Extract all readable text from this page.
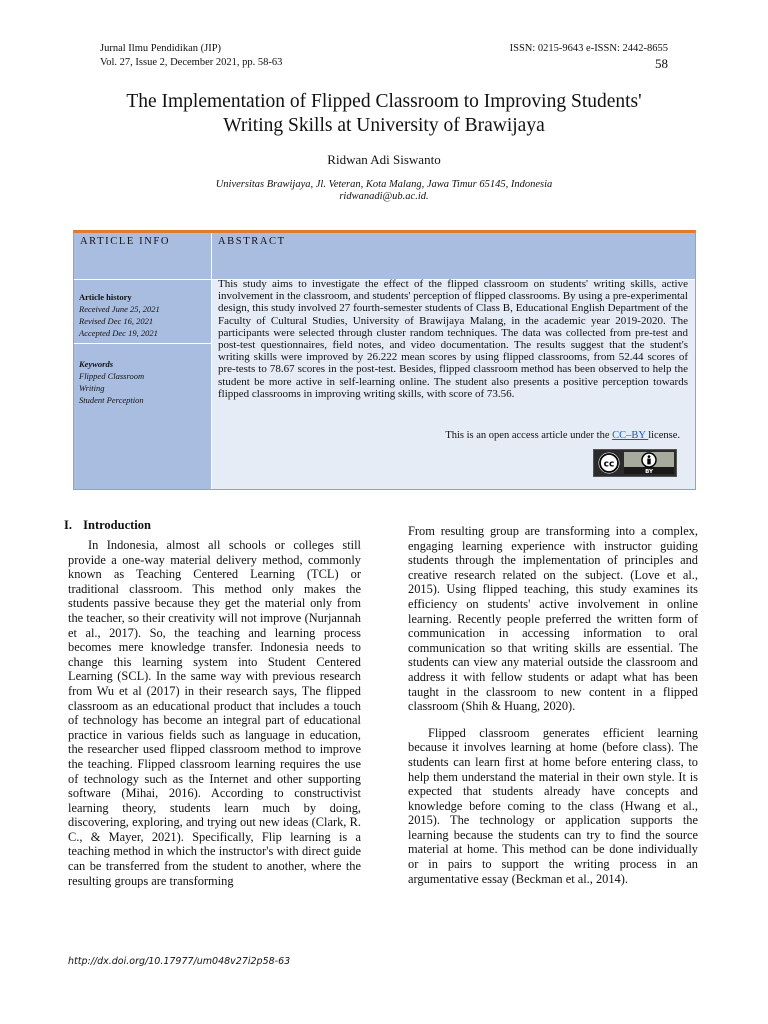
Jurnal Ilmu Pendidikan (JIP)
Vol. 27, Issue 2, December 2021, pp. 58-63
ISSN: 0215-9643 e-ISSN: 2442-8655
58
The Implementation of Flipped Classroom to Improving Students'
Writing Skills at University of Brawijaya
Ridwan Adi Siswanto
Universitas Brawijaya, Jl. Veteran, Kota Malang, Jawa Timur 65145, Indonesia
ridwanadi@ub.ac.id.
ARTICLE INFO	ABSTRACT
Article history
Received June 25, 2021
Revised Dec 16, 2021
Accepted Dec 19, 2021
Keywords
Flipped Classroom
Writing
Student Perception
This study aims to investigate the effect of the flipped classroom on students' writing skills, active involvement in the classroom, and students' perception of flipped classrooms. By using a pre-experimental design, this study involved 27 fourth-semester students of Class B, Educational English Department of the Faculty of Cultural Studies, University of Brawijaya Malang, in the academic year 2019-2020. The participants were selected through cluster random techniques. The data was collected from pre-test and post-test questionnaires, field notes, and video documentation. The results suggest that the student's writing skills were improved by 26.222 mean scores by using flipped classrooms, from 52.44 scores of pre-tests to 78.67 scores in the post-test. Besides, flipped classroom method has been observed to help the student be more active in self-learning online. The student also presents a positive perception towards flipped classrooms in improving writing skills, with score of 73.56.
This is an open access article under the CC–BY license.
cc
BY
I. Introduction

In Indonesia, almost all schools or colleges still provide a one-way material delivery method, commonly known as Teaching Centered Learning (TCL) or traditional classroom. This method only makes the students passive because they get the material only from the teacher, so their creativity will not improve (Nurjannah et al., 2017). So, the teaching and learning process becomes mere knowledge transfer. Indonesia needs to change this learning system into Student Centered Learning (SCL). In the same way with previous research from Wu et al (2017) in their research says, The flipped classroom as an educational product that includes a touch of technology has become an integral part of educational practice in various fields such as language in education, the researcher used flipped classroom method to improve the teaching. Flipped classroom learning requires the use of technology such as the Internet and other supporting software (Mihai, 2016). According to constructivist learning theory, students learn much by doing, discovering, exploring, and trying out new ideas (Clark, R. C., & Mayer, 2021). Specifically, Flip learning is a teaching method in which the instructor's with direct guide can be transferred from the student to another, where the resulting groups are transforming

From resulting group are transforming into a complex, engaging learning experience with instructor guiding students through the implementation of principles and creative research related on the subject. (Love et al., 2015). Using flipped teaching, this study examines its efficiency on students' active involvement in online learning. Recently people preferred the written form of communication in accessing information to oral communication so that writing skills are essential. The students can view any material outside the classroom and address it with fellow students or adapt what has been taught in the classroom to new content in a flipped classroom (Shih & Huang, 2020).

Flipped classroom generates efficient learning because it involves learning at home (before class). The students can learn first at home before entering class, to help them understand the material in their own style. It is expected that students already have concepts and knowledge before coming to the class (Hwang et al., 2015). The technology or application supports the learning because the students can try to find the source material at home. This method can be done individually or in pairs to support the writing process in an argumentative essay (Beckman et al., 2014).

http://dx.doi.org/10.17977/um048v27i2p58-63
